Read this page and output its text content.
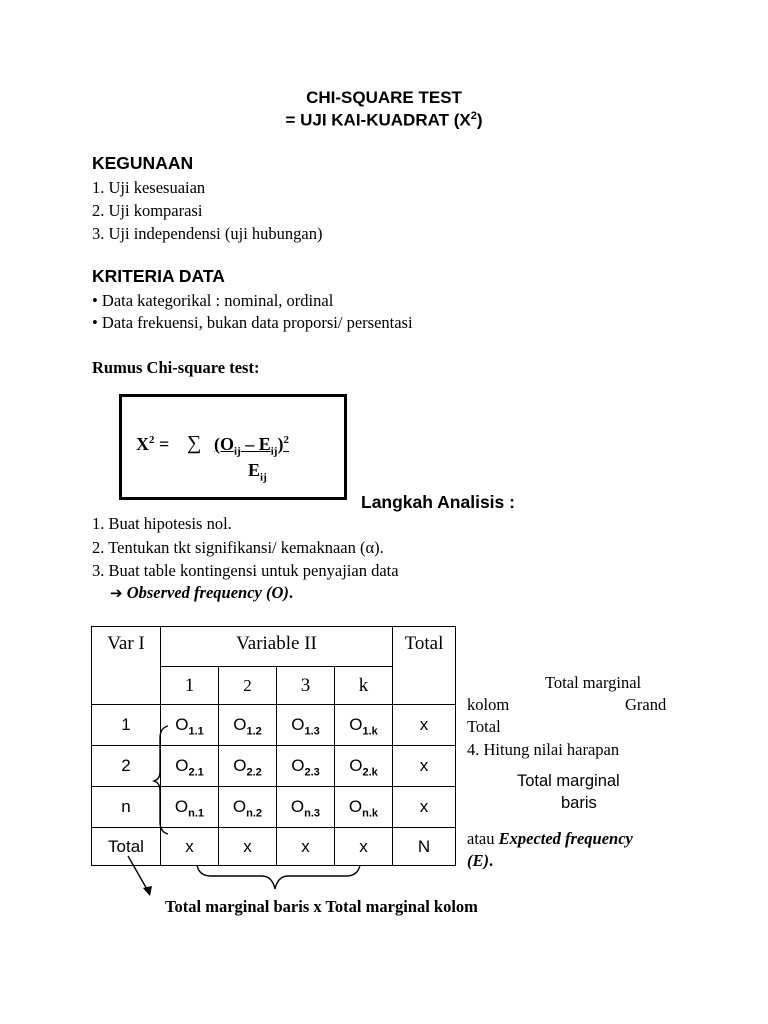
CHI-SQUARE TEST
= UJI KAI-KUADRAT $(X^2)$
KEGUNAAN
1. Uji kesesuaian
2. Uji komparasi
3. Uji independensi (uji hubungan)
KRITERIA DATA
• Data kategorikal : nominal, ordinal
• Data frekuensi, bukan data proporsi/ persentasi
Rumus Chi-square test:
$X^2$ = ∑ $(O_{ij} - E_{ij})^2$
$E_{ij}$
Langkah Analisis :
1. Buat hipotesis nol.
2. Tentukan tkt signifikansi/ kemaknaan (α).
3. Buat table kontingensi untuk penyajian data
➔ Observed frequency (O).
Var I	Variable II				Total
	1	2	3	k	
1	$O_{1.1}$	$O_{1.2}$	$O_{1.3}$	$O_{1.k}$	x
2	$O_{2.1}$	$O_{2.2}$	$O_{2.3}$	$O_{2.k}$	x
n	$O_{n.1}$	$O_{n.2}$	$O_{n.3}$	$O_{n.k}$	x
Total	x	x	x	x	N
Total marginal
kolom	Grand
Total
4. Hitung nilai harapan
Total marginal
baris
atau Expected frequency
(E).
Total marginal baris x Total marginal kolom
